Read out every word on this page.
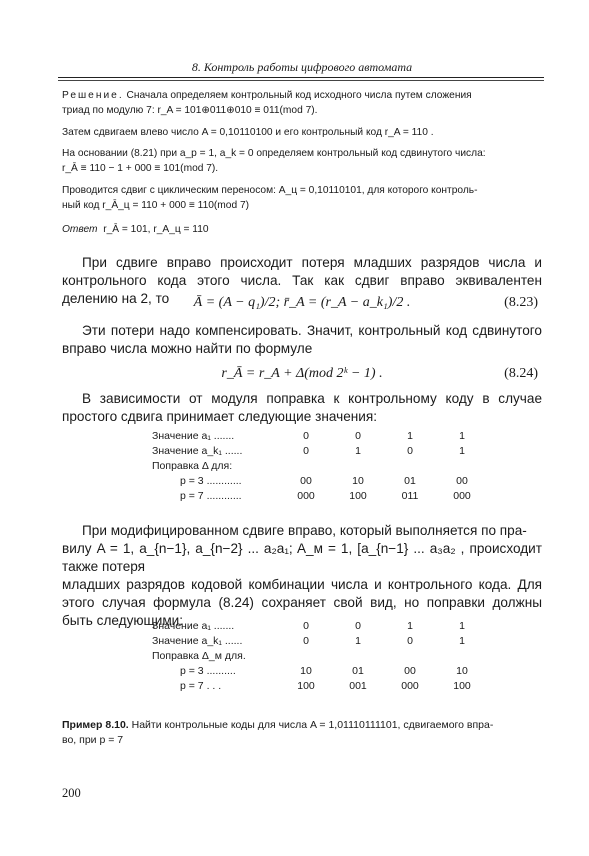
8. Контроль работы цифрового автомата
Решение. Сначала определяем контрольный код исходного числа путем сложения
триад по модулю 7: r_A = 101⊕011⊕010 ≡ 011(mod 7).
Затем сдвигаем влево число A = 0,10110100 и его контрольный код r_A = 110 .
На основании (8.21) при a_p = 1, a_k = 0 определяем контрольный код сдвинутого числа:
r_Ā ≡ 110 − 1 + 000 ≡ 101(mod 7).
Проводится сдвиг с циклическим переносом: A_ц = 0,10110101, для которого контроль-
ный код r_Ā_ц = 110 + 000 ≡ 110(mod 7)
Ответ r_Ā = 101, r_A_ц = 110
При сдвиге вправо происходит потеря младших разрядов числа и контрольного кода этого числа. Так как сдвиг вправо эквивалентен делению на 2, то	Ā = (A − q₁)/2; r̄_A = (r_A − a_k₁)/2 .	(8.23)
Эти потери надо компенсировать. Значит, контрольный код сдвинутого вправо числа можно найти по формуле
r_Ā = r_A + Δ(mod 2ᵏ − 1) .	(8.24)
В зависимости от модуля поправка к контрольному коду в случае простого сдвига принимает следующие значения:
Значение a₁ .......	0	0	1	1
Значение a_k₁ ......	0	1	0	1
Поправка Δ для:				
p = 3 ............	00	10	01	00
p = 7 ............	000	100	011	000
При модифицированном сдвиге вправо, который выполняется по пра-
вилу A = 1, a_{n−1}, a_{n−2} ... a₂a₁; A_м = 1, [a_{n−1} ... a₃a₂ , происходит также потеря
младших разрядов кодовой комбинации числа и контрольного кода. Для этого случая формула (8.24) сохраняет свой вид, но поправки должны быть следующими:
Значение a₁ .......	0	0	1	1
Значение a_k₁ ......	0	1	0	1
Поправка Δ_м для.				
p = 3 ..........	10	01	00	10
p = 7 . . .	100	001	000	100
Пример 8.10. Найти контрольные коды для числа A = 1,01110111101, сдвигаемого впра-
во, при p = 7
200
